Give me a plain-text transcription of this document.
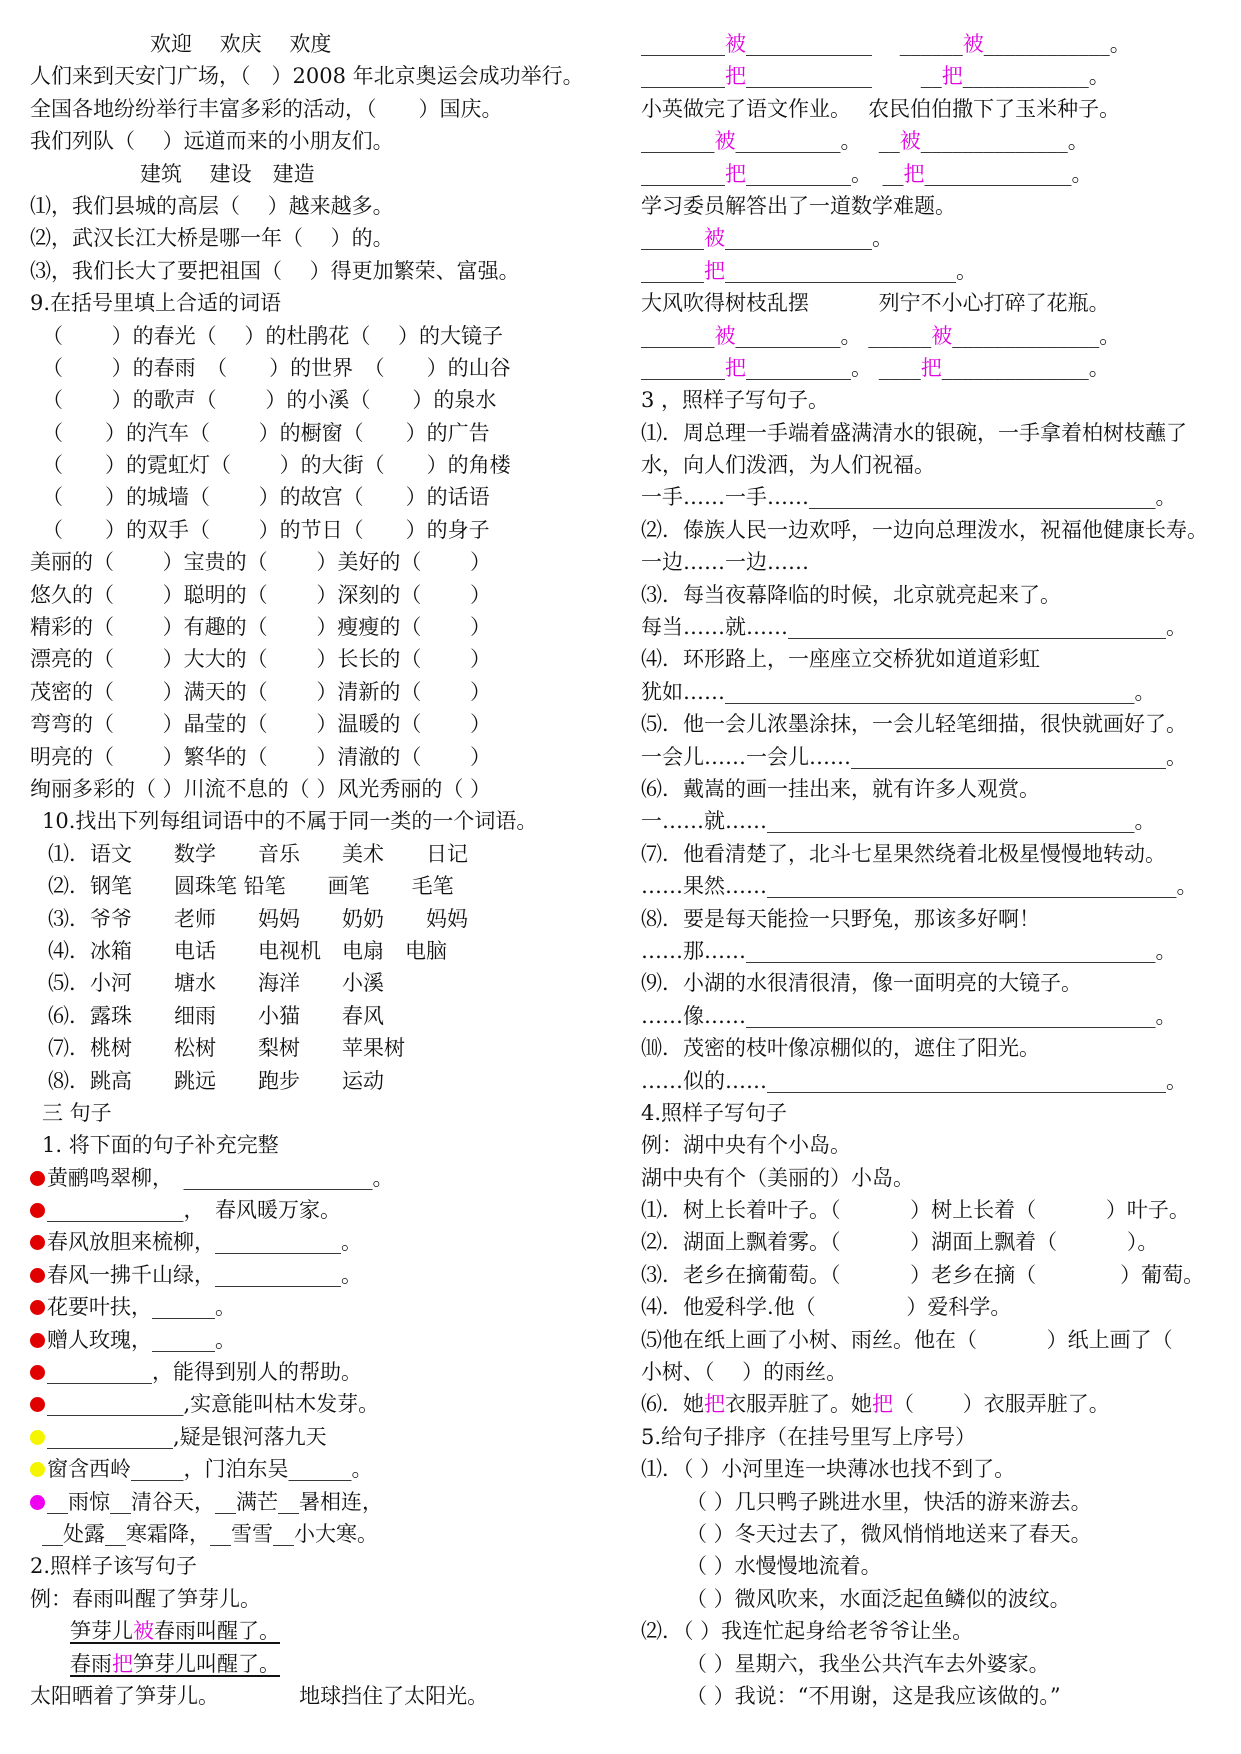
欢迎　 欢庆　 欢度
人们来到天安门广场，（　）2008 年北京奥运会成功举行。
全国各地纷纷举行丰富多彩的活动，（　　）国庆。
我们列队（　 ）远道而来的小朋友们。
建筑　 建设　建造
⑴，我们县城的高层（　 ）越来越多。
⑵，武汉长江大桥是哪一年（　 ）的。
⑶，我们长大了要把祖国（　 ）得更加繁荣、富强。
9.在括号里填上合适的词语
（　　 ）的春光（　 ）的杜鹃花（　 ）的大镜子
（　　 ）的春雨　（　　）的世界　（　　）的山谷
（　　 ）的歌声（　　 ）的小溪（　　）的泉水
（　　）的汽车（　　 ）的橱窗（　　）的广告
（　　）的霓虹灯（　　 ）的大街（　　）的角楼
（　　）的城墙（　　 ）的故宫（　　）的话语
（　　）的双手（　　 ）的节日（　　）的身子
美丽的（　　 ）宝贵的（　　 ）美好的（　　 ）
悠久的（　　 ）聪明的（　　 ）深刻的（　　 ）
精彩的（　　 ）有趣的（　　 ）瘦瘦的（　　 ）
漂亮的（　　 ）大大的（　　 ）长长的（　　 ）
茂密的（　　 ）满天的（　　 ）清新的（　　 ）
弯弯的（　　 ）晶莹的（　　 ）温暖的（　　 ）
明亮的（　　 ）繁华的（　　 ）清澈的（　　 ）
绚丽多彩的（ ）川流不息的（ ）风光秀丽的（ ）
10.找出下列每组词语中的不属于同一类的一个词语。
⑴．语文　　数学　　音乐　　美术　　日记
⑵．钢笔　　圆珠笔 铅笔　　画笔　　毛笔
⑶．爷爷　　老师　　妈妈　　奶奶　　妈妈
⑷．冰箱　　电话　　电视机　电扇　电脑
⑸．小河　　塘水　　海洋　　小溪
⑹．露珠　　细雨　　小猫　　春风
⑺．桃树　　松树　　梨树　　苹果树
⑻．跳高　　跳远　　跑步　　运动
三 句子
1. 将下面的句子补充完整
黄鹂鸣翠柳，　__________________。
_____________，　春风暖万家。
春风放胆来梳柳，____________。
春风一拂千山绿，____________。
花要叶扶，______。
赠人玫瑰，______。
__________，能得到别人的帮助。
_____________,实意能叫枯木发芽。
____________,疑是银河落九天
窗含西岭_____，门泊东吴______。
__雨惊__清谷天，__满芒__暑相连，
__处露__寒霜降，__雪雪__小大寒。
2.照样子该写句子
例：春雨叫醒了笋芽儿。
笋芽儿被春雨叫醒了。
春雨把笋芽儿叫醒了。
太阳晒着了笋芽儿。　　　　 地球挡住了太阳光。
________被____________　 ______被____________。
________把____________　　 __把____________。
小英做完了语文作业。　 农民伯伯撒下了玉米种子。
_______被__________。　 __被______________。
________把__________。　 __把______________。
学习委员解答出了一道数学难题。
______被______________。
______把______________________。
大风吹得树枝乱摆　　　 列宁不小心打碎了花瓶。
_______被__________。 ______被______________。
________把__________。 ____把______________。
3 ，照样子写句子。
⑴．周总理一手端着盛满清水的银碗，一手拿着柏树枝蘸了
水，向人们泼洒，为人们祝福。
一手……一手……_________________________________。
⑵．傣族人民一边欢呼，一边向总理泼水，祝福他健康长寿。
一边……一边……
⑶．每当夜幕降临的时候，北京就亮起来了。
每当……就……____________________________________。
⑷．环形路上，一座座立交桥犹如道道彩虹
犹如……_______________________________________。
⑸．他一会儿浓墨涂抹，一会儿轻笔细描，很快就画好了。
一会儿……一会儿……______________________________。
⑹．戴嵩的画一挂出来，就有许多人观赏。
一……就……___________________________________。
⑺．他看清楚了，北斗七星果然绕着北极星慢慢地转动。
……果然……_______________________________________。
⑻．要是每天能捡一只野兔，那该多好啊！
……那……_______________________________________。
⑼．小湖的水很清很清，像一面明亮的大镜子。
……像……_______________________________________。
⑽．茂密的枝叶像凉棚似的，遮住了阳光。
……似的……______________________________________。
4.照样子写句子
例：湖中央有个小岛。
湖中央有个（美丽的）小岛。
⑴．树上长着叶子。（　　　 ）树上长着（　　　 ）叶子。
⑵．湖面上飘着雾。（　　　 ）湖面上飘着（　　　 ）。
⑶．老乡在摘葡萄。（　　　 ）老乡在摘（　　　　）葡萄。
⑷．他爱科学.他（　　　　 ）爱科学。
⑸他在纸上画了小树、雨丝。他在（　　　 ）纸上画了（
小树、（　 ）的雨丝。
⑹．她把衣服弄脏了。她把（　　 ）衣服弄脏了。
5.给句子排序（在挂号里写上序号）
⑴．（ ）小河里连一块薄冰也找不到了。
（ ）几只鸭子跳进水里，快活的游来游去。
（ ）冬天过去了，微风悄悄地送来了春天。
（ ）水慢慢地流着。
（ ）微风吹来，水面泛起鱼鳞似的波纹。
⑵．（ ）我连忙起身给老爷爷让坐。
（ ）星期六，我坐公共汽车去外婆家。
（ ）我说：“不用谢，这是我应该做的。”
